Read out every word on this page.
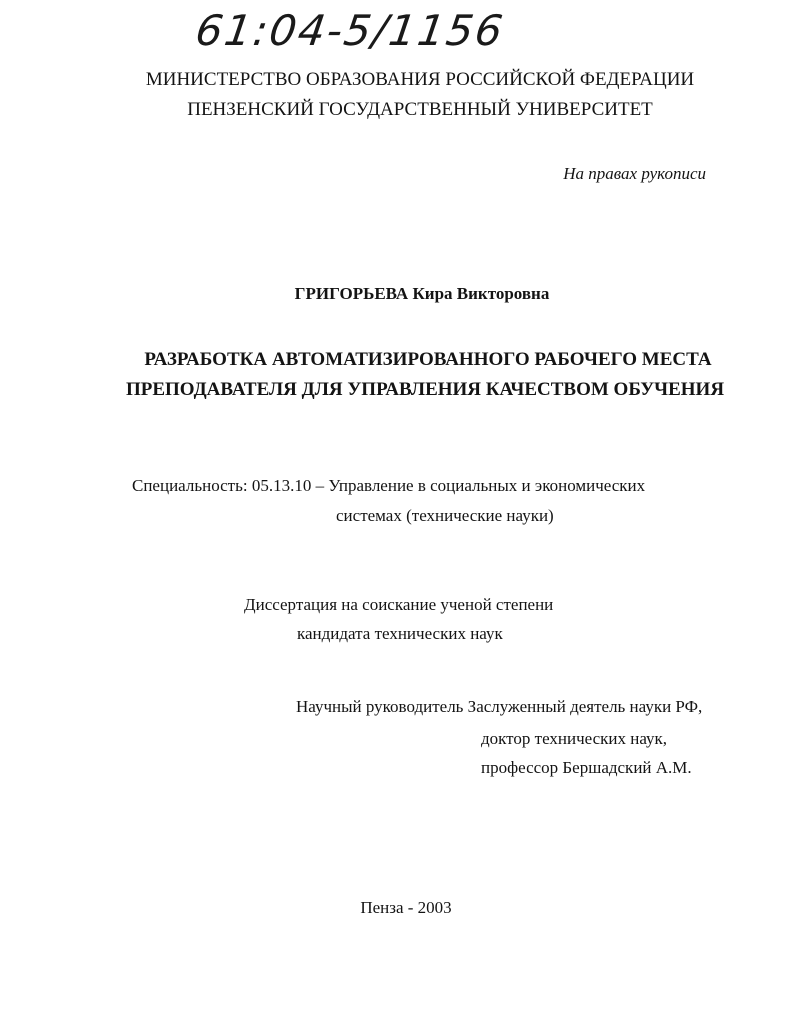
61:04-5/1156
МИНИСТЕРСТВО ОБРАЗОВАНИЯ РОССИЙСКОЙ ФЕДЕРАЦИИ
ПЕНЗЕНСКИЙ ГОСУДАРСТВЕННЫЙ УНИВЕРСИТЕТ
На правах рукописи
ГРИГОРЬЕВА Кира Викторовна
РАЗРАБОТКА АВТОМАТИЗИРОВАННОГО РАБОЧЕГО МЕСТА
ПРЕПОДАВАТЕЛЯ ДЛЯ УПРАВЛЕНИЯ КАЧЕСТВОМ ОБУЧЕНИЯ
Специальность: 05.13.10 – Управление в социальных и экономических
системах (технические науки)
Диссертация на соискание ученой степени
кандидата технических наук
Научный руководитель Заслуженный деятель науки РФ,
доктор технических наук,
профессор Бершадский А.М.
Пенза - 2003
